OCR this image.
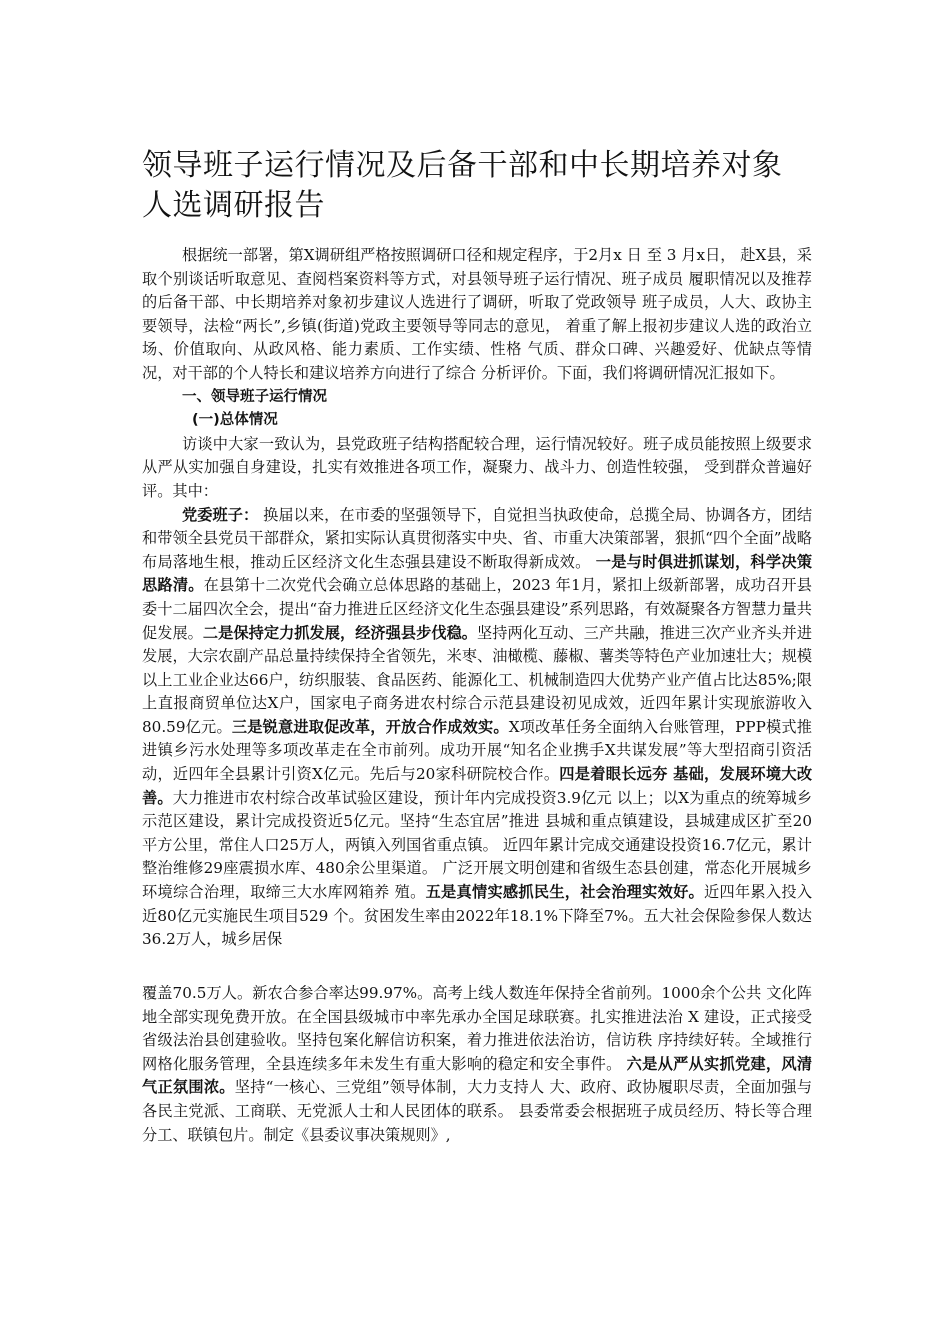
领导班子运行情况及后备干部和中长期培养对象人选调研报告

根据统一部署，第X调研组严格按照调研口径和规定程序，于2月x 日 至 3 月x日， 赴X县，采取个别谈话听取意见、查阅档案资料等方式，对县领导班子运行情况、班子成员 履职情况以及推荐的后备干部、中长期培养对象初步建议人选进行了调研，听取了党政领导 班子成员，人大、政协主要领导，法检“两长”,乡镇(街道)党政主要领导等同志的意见， 着重了解上报初步建议人选的政治立场、价值取向、从政风格、能力素质、工作实绩、性格 气质、群众口碑、兴趣爱好、优缺点等情况，对干部的个人特长和建议培养方向进行了综合 分析评价。下面，我们将调研情况汇报如下。

一、领导班子运行情况

(一)总体情况

访谈中大家一致认为，县党政班子结构搭配较合理，运行情况较好。班子成员能按照上级要求从严从实加强自身建设，扎实有效推进各项工作，凝聚力、战斗力、创造性较强， 受到群众普遍好评。其中：

党委班子： 换届以来，在市委的坚强领导下，自觉担当执政使命，总揽全局、协调各方，团结和带领全县党员干部群众，紧扣实际认真贯彻落实中央、省、市重大决策部署，狠抓“四个全面”战略布局落地生根，推动丘区经济文化生态强县建设不断取得新成效。 一是与时俱进抓谋划，科学决策思路清。在县第十二次党代会确立总体思路的基础上，2023 年1月，紧扣上级新部署，成功召开县委十二届四次全会，提出“奋力推进丘区经济文化生态强县建设”系列思路，有效凝聚各方智慧力量共促发展。二是保持定力抓发展，经济强县步伐稳。坚持两化互动、三产共融，推进三次产业齐头并进发展，大宗农副产品总量持续保持全省领先，米枣、油橄榄、藤椒、薯类等特色产业加速壮大；规模以上工业企业达66户，纺织服装、食品医药、能源化工、机械制造四大优势产业产值占比达85%;限上直报商贸单位达X户，国家电子商务进农村综合示范县建设初见成效，近四年累计实现旅游收入80.59亿元。三是锐意进取促改革，开放合作成效实。X项改革任务全面纳入台账管理，PPP模式推进镇乡污水处理等多项改革走在全市前列。成功开展“知名企业携手X共谋发展”等大型招商引资活动，近四年全县累计引资X亿元。先后与20家科研院校合作。四是着眼长远夯 基础，发展环境大改善。大力推进市农村综合改革试验区建设，预计年内完成投资3.9亿元 以上；以X为重点的统筹城乡示范区建设，累计完成投资近5亿元。坚持“生态宜居”推进 县城和重点镇建设，县城建成区扩至20平方公里，常住人口25万人，两镇入列国省重点镇。 近四年累计完成交通建设投资16.7亿元，累计整治维修29座震损水库、480余公里渠道。 广泛开展文明创建和省级生态县创建，常态化开展城乡环境综合治理，取缔三大水库网箱养 殖。五是真情实感抓民生，社会治理实效好。近四年累入投入近80亿元实施民生项目529 个。贫困发生率由2022年18.1%下降至7%。五大社会保险参保人数达36.2万人，城乡居保

覆盖70.5万人。新农合参合率达99.97%。高考上线人数连年保持全省前列。1000余个公共 文化阵地全部实现免费开放。在全国县级城市中率先承办全国足球联赛。扎实推进法治 X 建设，正式接受省级法治县创建验收。坚持包案化解信访积案，着力推进依法治访，信访秩 序持续好转。全域推行网格化服务管理，全县连续多年未发生有重大影响的稳定和安全事件。 六是从严从实抓党建，风清气正氛围浓。坚持“一核心、三党组”领导体制，大力支持人 大、政府、政协履职尽责，全面加强与各民主党派、工商联、无党派人士和人民团体的联系。 县委常委会根据班子成员经历、特长等合理分工、联镇包片。制定《县委议事决策规则》,
